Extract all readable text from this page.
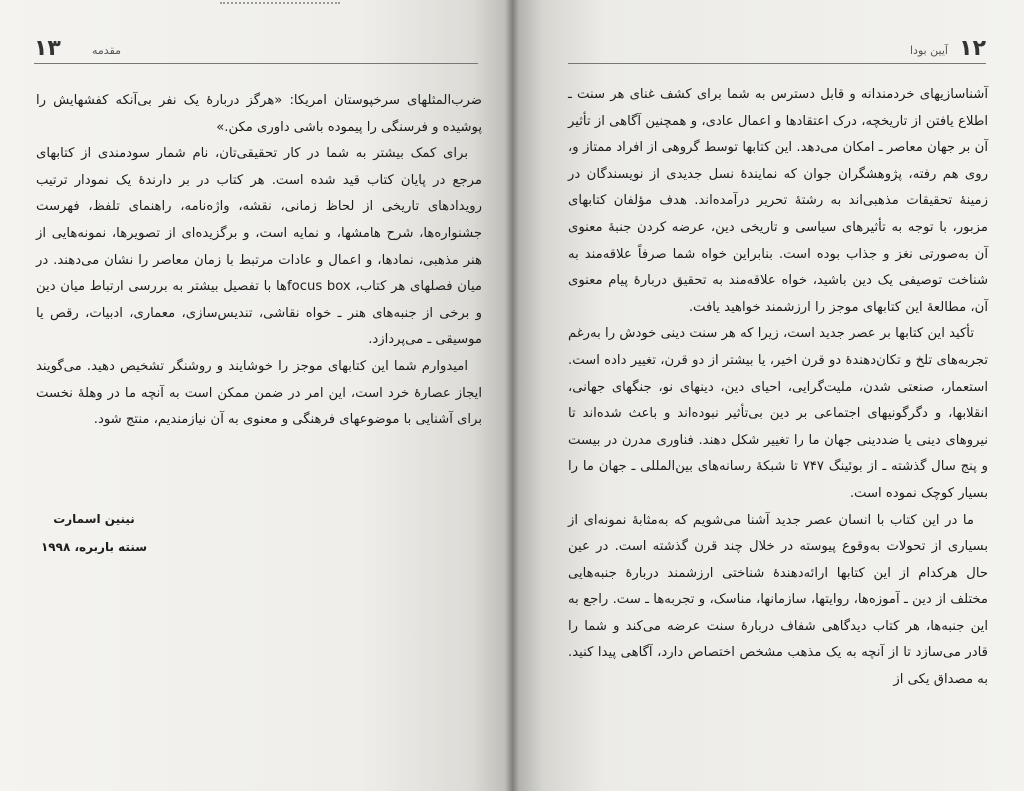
۱۳	مقدمه

ضرب‌المثلهای سرخپوستان امریکا: «هرگز دربارهٔ یک نفر بی‌آنکه کفشهایش را پوشیده و فرسنگی را پیموده باشی داوری مکن.»

برای کمک بیشتر به شما در کار تحقیقی‌تان، نام شمار سودمندی از کتابهای مرجع در پایان کتاب قید شده است. هر کتاب در بر دارندهٔ یک نمودار ترتیب رویدادهای تاریخی از لحاظ زمانی، نقشه، واژه‌نامه، راهنمای تلفظ، فهرست جشنواره‌ها، شرح هامشها، و نمایه است، و برگزیده‌ای از تصویرها، نمونه‌هایی از هنر مذهبی، نمادها، و اعمال و عادات مرتبط با زمان معاصر را نشان می‌دهند. در میان فصلهای هر کتاب، focus boxها با تفصیل بیشتر به بررسی ارتباط میان دین و برخی از جنبه‌های هنر ـ خواه نقاشی، تندیس‌سازی، معماری، ادبیات، رقص یا موسیقی ـ می‌پردازد.

امیدوارم شما این کتابهای موجز را خوشایند و روشنگر تشخیص دهید. می‌گویند ایجاز عصارهٔ خرد است، این امر در ضمن ممکن است به آنچه ما در وهلهٔ نخست برای آشنایی با موضوعهای فرهنگی و معنوی به آن نیازمندیم، منتج شود.

نینین اسمارت
سنته باربره، ۱۹۹۸
۱۲
آیین بودا

آشناسازیهای خردمندانه و قابل دسترس به شما برای کشف غنای هر سنت ـ اطلاع یافتن از تاریخچه، درک اعتقادها و اعمال عادی، و همچنین آگاهی از تأثیر آن بر جهان معاصر ـ امکان می‌دهد. این کتابها توسط گروهی از افراد ممتاز و، روی هم رفته، پژوهشگران جوان که نمایندهٔ نسل جدیدی از نویسندگان در زمینهٔ تحقیقات مذهبی‌اند به رشتهٔ تحریر درآمده‌اند. هدف مؤلفان کتابهای مزبور، با توجه به تأثیرهای سیاسی و تاریخی دین، عرضه کردن جنبهٔ معنوی آن به‌صورتی نغز و جذاب بوده است. بنابراین خواه شما صرفاً علاقه‌مند به شناخت توصیفی یک دین باشید، خواه علاقه‌مند به تحقیق دربارهٔ پیام معنوی آن، مطالعهٔ این کتابهای موجز را ارزشمند خواهید یافت.

تأکید این کتابها بر عصر جدید است، زیرا که هر سنت دینی خودش را به‌رغم تجربه‌های تلخ و تکان‌دهندهٔ دو قرن اخیر، یا بیشتر از دو قرن، تغییر داده است. استعمار، صنعتی شدن، ملیت‌گرایی، احیای دین، دینهای نو، جنگهای جهانی، انقلابها، و دگرگونیهای اجتماعی بر دین بی‌تأثیر نبوده‌اند و باعث شده‌اند تا نیروهای دینی یا ضددینی جهان ما را تغییر شکل دهند. فناوری مدرن در بیست و پنج سال گذشته ـ از بوئینگ ۷۴۷ تا شبکهٔ رسانه‌های بین‌المللی ـ جهان ما را بسیار کوچک نموده است.

ما در این کتاب با انسان عصر جدید آشنا می‌شویم که به‌مثابهٔ نمونه‌ای از بسیاری از تحولات به‌وقوع پیوسته در خلال چند قرن گذشته است. در عین حال هرکدام از این کتابها ارائه‌دهندهٔ شناختی ارزشمند دربارهٔ جنبه‌هایی مختلف از دین ـ آموزه‌ها، روایتها، سازمانها، مناسک، و تجربه‌ها ـ ست. راجع به این جنبه‌ها، هر کتاب دیدگاهی شفاف دربارهٔ سنت عرضه می‌کند و شما را قادر می‌سازد تا از آنچه به یک مذهب مشخص اختصاص دارد، آگاهی پیدا کنید. به مصداق یکی از
